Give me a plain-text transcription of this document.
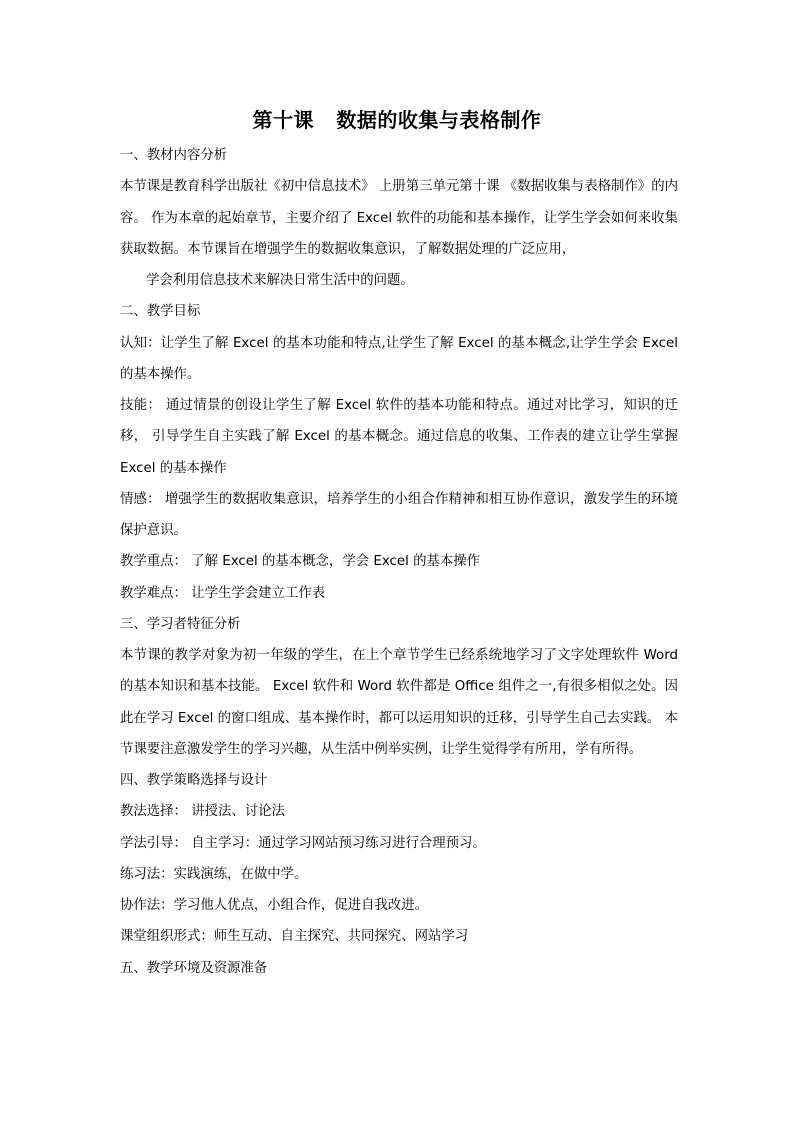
第十课   数据的收集与表格制作

一、教材内容分析

本节课是教育科学出版社《初中信息技术》 上册第三单元第十课 《数据收集与表格制作》的内容。 作为本章的起始章节，主要介绍了 Excel 软件的功能和基本操作，让学生学会如何来收集获取数据。本节课旨在增强学生的数据收集意识，了解数据处理的广泛应用，

学会利用信息技术来解决日常生活中的问题。

二、教学目标

认知：让学生了解 Excel 的基本功能和特点,让学生了解 Excel 的基本概念,让学生学会 Excel 的基本操作。

技能： 通过情景的创设让学生了解 Excel 软件的基本功能和特点。通过对比学习，知识的迁移， 引导学生自主实践了解 Excel 的基本概念。通过信息的收集、工作表的建立让学生掌握 Excel 的基本操作

情感： 增强学生的数据收集意识，培养学生的小组合作精神和相互协作意识，激发学生的环境保护意识。

教学重点： 了解 Excel 的基本概念，学会 Excel 的基本操作

教学难点： 让学生学会建立工作表

三、学习者特征分析

本节课的教学对象为初一年级的学生，在上个章节学生已经系统地学习了文字处理软件 Word 的基本知识和基本技能。 Excel 软件和 Word 软件都是 Office 组件之一,有很多相似之处。因此在学习 Excel 的窗口组成、基本操作时，都可以运用知识的迁移，引导学生自己去实践。 本节课要注意激发学生的学习兴趣，从生活中例举实例，让学生觉得学有所用，学有所得。

四、教学策略选择与设计

教法选择： 讲授法、讨论法

学法引导： 自主学习：通过学习网站预习练习进行合理预习。

练习法：实践演练，在做中学。

协作法：学习他人优点，小组合作，促进自我改进。

课堂组织形式：师生互动、自主探究、共同探究、网站学习

五、教学环境及资源准备
